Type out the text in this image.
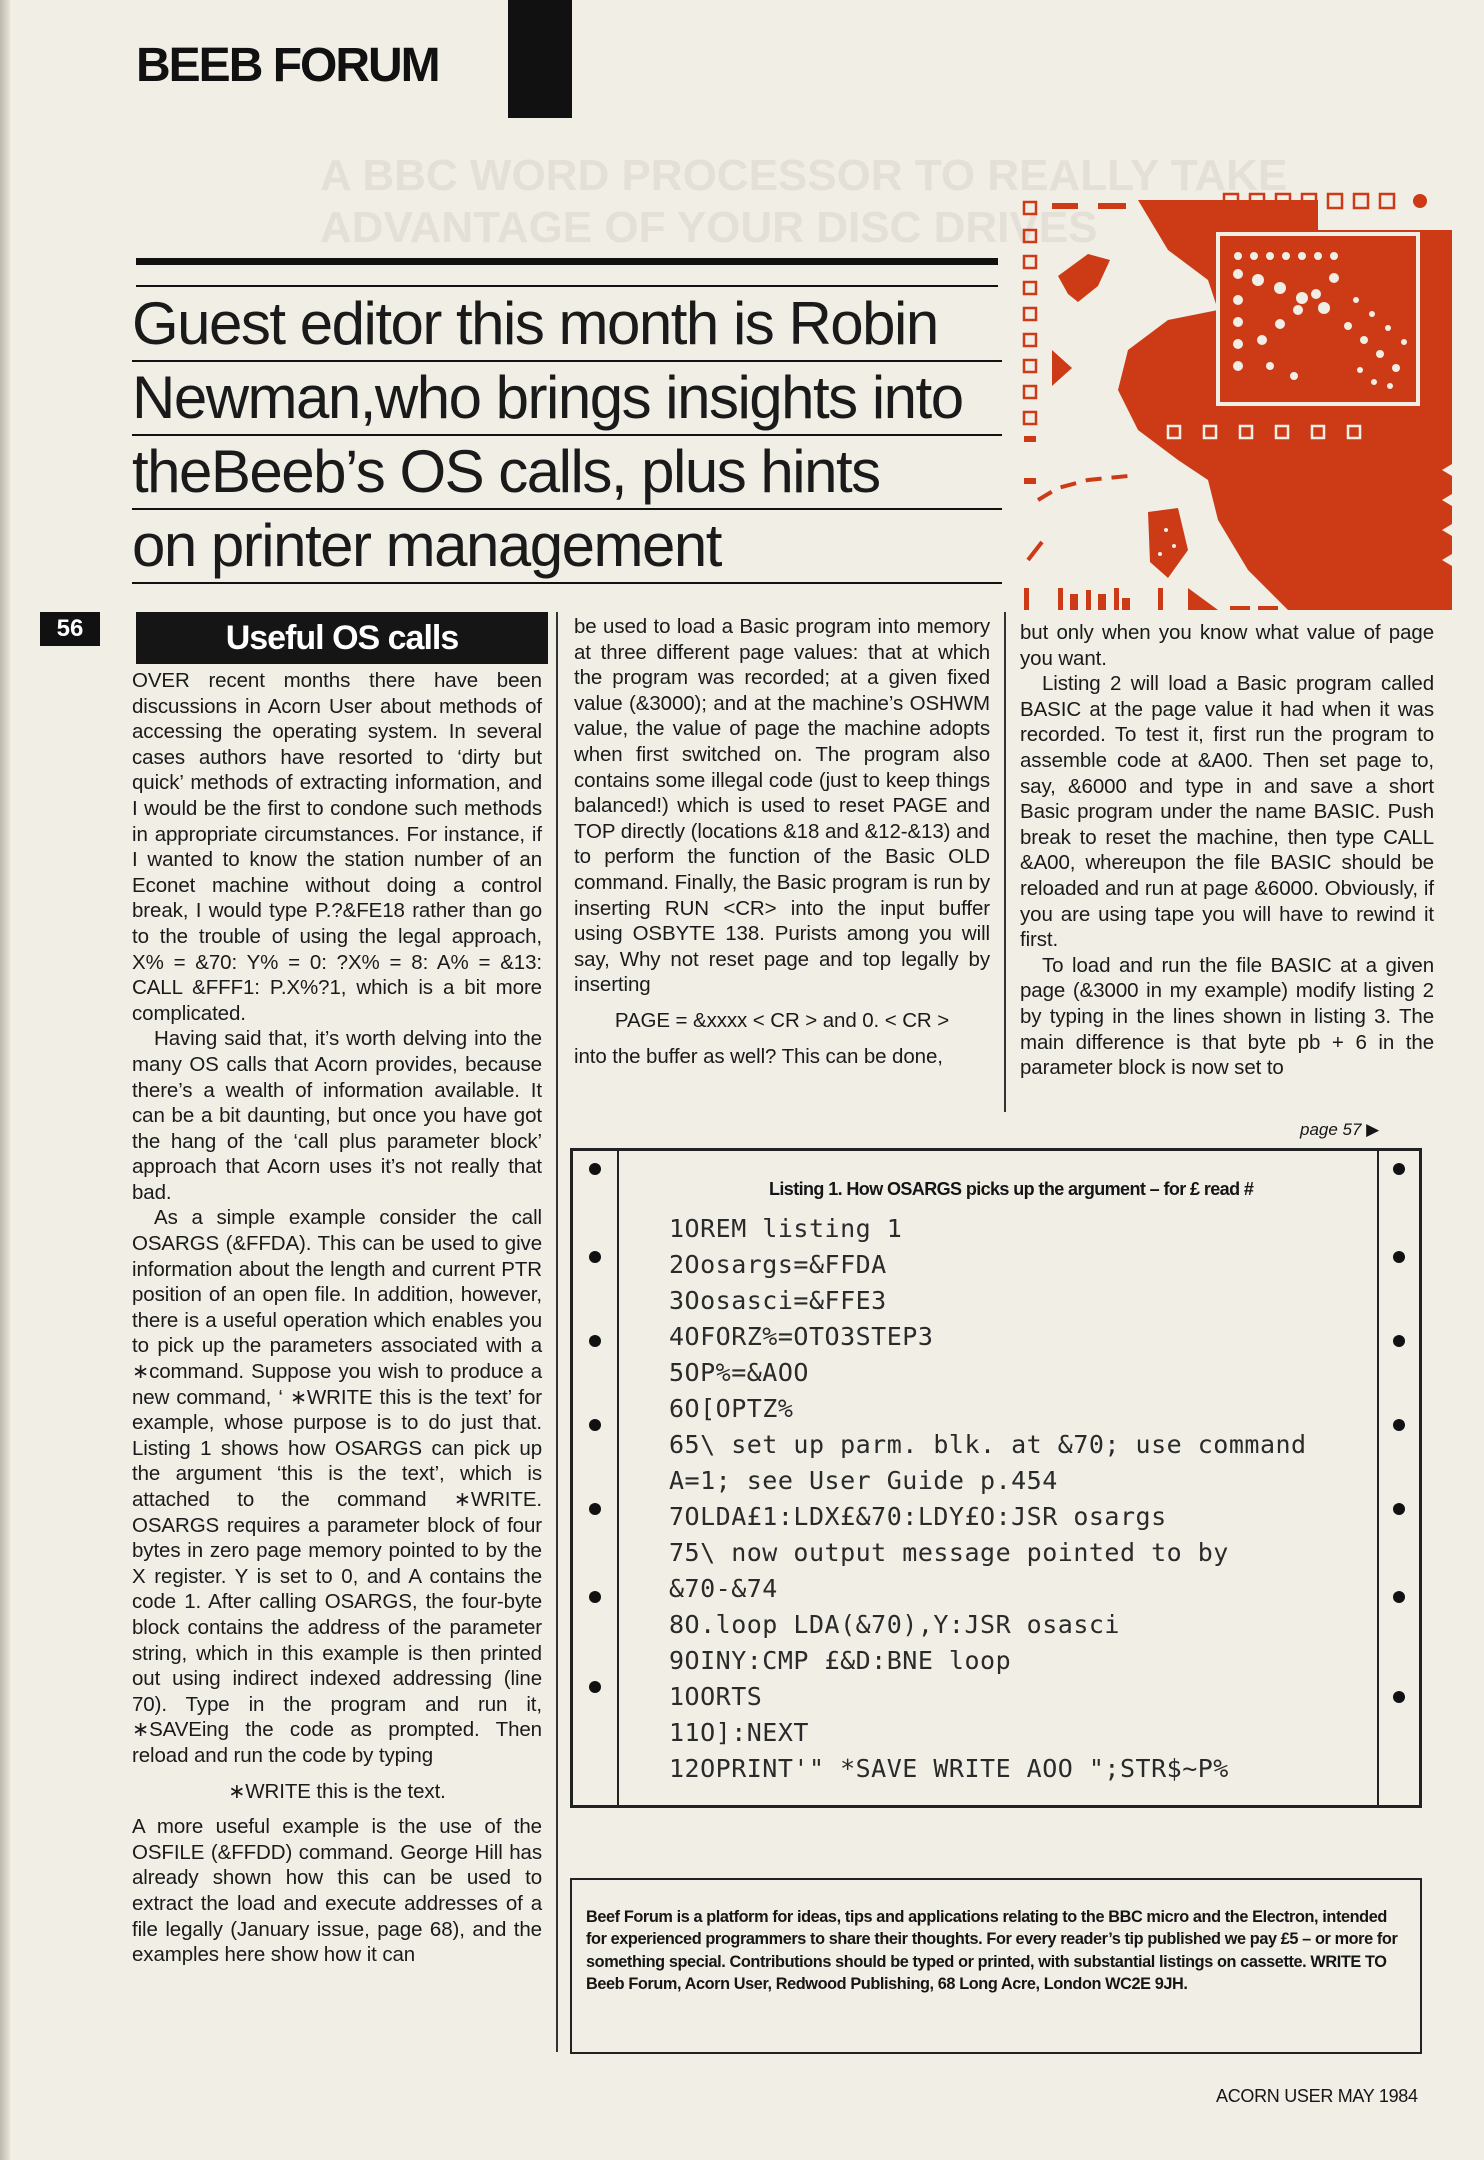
BEEB FORUM
A BBC WORD PROCESSOR TO REALLY TAKE ADVANTAGE OF YOUR DISC DRIVES
Guest editor this month is Robin
Newman,who brings insights into
theBeeb’s OS calls, plus hints
on printer management
56	Useful OS calls

OVER recent months there have been discussions in Acorn User about methods of accessing the operating system. In several cases authors have resorted to ‘dirty but quick’ methods of extracting information, and I would be the first to condone such methods in appropriate circumstances. For instance, if I wanted to know the station number of an Econet machine without doing a control break, I would type P.?&FE18 rather than go to the trouble of using the legal approach, X% = &70: Y% = 0: ?X% = 8: A% = &13: CALL &FFF1: P.X%?1, which is a bit more complicated.

Having said that, it’s worth delving into the many OS calls that Acorn provides, because there’s a wealth of information available. It can be a bit daunting, but once you have got the hang of the ‘call plus parameter block’ approach that Acorn uses it’s not really that bad.

As a simple example consider the call OSARGS (&FFDA). This can be used to give information about the length and current PTR position of an open file. In addition, however, there is a useful operation which enables you to pick up the parameters associated with a ∗command. Suppose you wish to produce a new command, ‘ ∗WRITE this is the text’ for example, whose purpose is to do just that. Listing 1 shows how OSARGS can pick up the argument ‘this is the text’, which is attached to the command ∗WRITE. OSARGS requires a parameter block of four bytes in zero page memory pointed to by the X register. Y is set to 0, and A contains the code 1. After calling OSARGS, the four-byte block contains the address of the parameter string, which in this example is then printed out using indirect indexed addressing (line 70). Type in the program and run it, ∗SAVEing the code as prompted. Then reload and run the code by typing

∗WRITE this is the text.

A more useful example is the use of the OSFILE (&FFDD) command. George Hill has already shown how this can be used to extract the load and execute addresses of a file legally (January issue, page 68), and the examples here show how it can

be used to load a Basic program into memory at three different page values: that at which the program was recorded; at a given fixed value (&3000); and at the machine’s OSHWM value, the value of page the machine adopts when first switched on. The program also contains some illegal code (just to keep things balanced!) which is used to reset PAGE and TOP directly (locations &18 and &12-&13) and to perform the function of the Basic OLD command. Finally, the Basic program is run by inserting RUN <CR> into the input buffer using OSBYTE 138. Purists among you will say, Why not reset page and top legally by inserting

PAGE = &xxxx < CR > and 0. < CR >

into the buffer as well? This can be done,

but only when you know what value of page you want.

Listing 2 will load a Basic program called BASIC at the page value it had when it was recorded. To test it, first run the program to assemble code at &A00. Then set page to, say, &6000 and type in and save a short Basic program under the name BASIC. Push break to reset the machine, then type CALL &A00, whereupon the file BASIC should be reloaded and run at page &6000. Obviously, if you are using tape you will have to rewind it first.

To load and run the file BASIC at a given page (&3000 in my example) modify listing 2 by typing in the lines shown in listing 3. The main difference is that byte pb + 6 in the parameter block is now set to

page 57 ▶
Listing 1. How OSARGS picks up the argument – for £ read #
1OREM listing 1
2Oosargs=&FFDA
3Oosasci=&FFE3
4OFORZ%=OTO3STEP3
5OP%=&AOO
6O[OPTZ%
65\ set up parm. blk. at &70; use command
A=1; see User Guide p.454
7OLDA£1:LDX£&70:LDY£O:JSR osargs
75\ now output message pointed to by
&70-&74
8O.loop LDA(&70),Y:JSR osasci
9OINY:CMP £&D:BNE loop
1OORTS
11O]:NEXT
12OPRINT'" *SAVE WRITE AOO ";STR$~P%
Beef Forum is a platform for ideas, tips and applications relating to the BBC micro and the Electron, intended for experienced programmers to share their thoughts. For every reader’s tip published we pay £5 – or more for something special. Contributions should be typed or printed, with substantial listings on cassette. WRITE TO Beeb Forum, Acorn User, Redwood Publishing, 68 Long Acre, London WC2E 9JH.
ACORN USER MAY 1984
